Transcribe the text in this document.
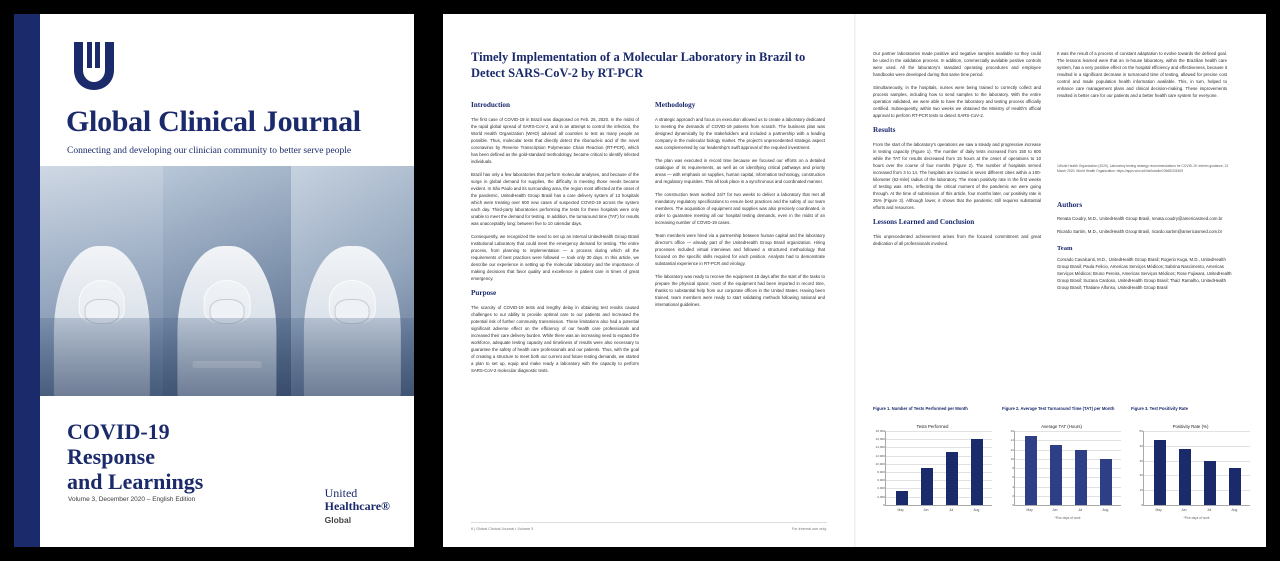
Global Clinical Journal
Connecting and developing our clinician community to better serve people
COVID-19
Response
and Learnings
Volume 3, December 2020 – English Edition	United
Healthcare®
Global
Timely Implementation of a Molecular Laboratory in Brazil to Detect SARS-CoV-2 by RT-PCR
Introduction

The first case of COVID-19 in Brazil was diagnosed on Feb. 25, 2020. In the midst of the rapid global spread of SARS-CoV-2, and in an attempt to control the infection, the World Health Organization (WHO) advised all countries to test as many people as possible. Thus, molecular tests that directly detect the ribonucleic acid of the novel coronavirus by Reverse Transcription Polymerase Chain Reaction (RT-PCR), which has been defined as the gold-standard methodology, became critical to identify infected individuals.

Brazil has only a few laboratories that perform molecular analyses, and because of the surge in global demand for supplies, the difficulty in meeting those needs became evident. In São Paulo and its surrounding area, the region most affected at the onset of the pandemic, UnitedHealth Group Brasil has a care delivery system of 13 hospitals which were treating over 600 new cases of suspected COVID-19 across the system each day. Third-party laboratories performing the tests for these hospitals were only unable to meet the demand for testing. In addition, the turnaround time (TAT) for results was unacceptably long: between five to 10 calendar days.

Consequently, we recognized the need to set up an internal UnitedHealth Group Brasil Institutional Laboratory that could meet the emergency demand for testing. The entire process, from planning to implementation — a process during which all the requirements of best practices were followed — took only 30 days. In this article, we describe our experience in setting up the molecular laboratory and the importance of making decisions that favor quality and excellence in patient care in times of great emergency.

Purpose

The scarcity of COVID-19 tests and lengthy delay in obtaining test results caused challenges to our ability to provide optimal care to our patients and increased the potential risk of further community transmission. These limitations also had a potential significant adverse effect on the efficiency of our health care professionals and increased their care delivery burden. While there was an increasing need to expand the workforce, adequate testing capacity and timeliness of results were also necessary to guarantee the safety of health care professionals and our patients. Thus, with the goal of creating a structure to meet both our current and future testing demands, we started a plan to set up, equip and make ready a laboratory with the capacity to perform SARS-CoV-2 molecular diagnostic tests.

Methodology

A strategic approach and focus on execution allowed us to create a laboratory dedicated to meeting the demands of COVID-19 patients from scratch. The business plan was designed dynamically by the stakeholders and included a partnership with a leading company in the molecular biology market. The project's unprecedented strategic aspect was complemented by our leadership's swift approval of the required investment.

The plan was executed in record time because we focused our efforts on a detailed catalogue of its requirements, as well as on identifying critical pathways and priority areas — with emphasis on supplies, human capital, information technology, construction and regulatory requisites. This all took place in a synchronous and coordinated manner.

The construction team worked 24/7 for two weeks to deliver a laboratory that met all mandatory regulatory specifications to ensure best practices and the safety of our team members. The acquisition of equipment and supplies was also precisely coordinated, in order to guarantee meeting all our hospital testing demands, even in the midst of an increasing number of COVID-19 cases.

Team members were hired via a partnership between human capital and the laboratory director's office — already part of the UnitedHealth Group Brasil organization. Hiring processes included virtual interviews and followed a structured methodology that focused on the specific skills required for each position. Analysts had to demonstrate substantial experience in RT-PCR and virology.

The laboratory was ready to receive the equipment 15 days after the start of the tasks to prepare the physical space; most of the equipment had been imported in record time, thanks to substantial help from our corporate offices in the United States. Having been trained, team members were ready to start validating methods following national and international guidelines.

6 | Global Clinical Journal • Volume 3	For internal use only.

Our partner laboratories made positive and negative samples available so they could be used in the validation process. In addition, commercially available positive controls were used. All the laboratory's standard operating procedures and employee handbooks were developed during that same time period.

Simultaneously, in the hospitals, nurses were being trained to correctly collect and process samples, including how to send samples to the laboratory. With the entire operation validated, we were able to have the laboratory and testing process officially certified. Subsequently, within two weeks we obtained the Ministry of Health's official approval to perform RT-PCR tests to detect SARS-CoV-2.

Results

From the start of the laboratory's operations we saw a steady and progressive increase in testing capacity (Figure 1). The number of daily tests increased from 150 to 600 while the TAT for results decreased from 15 hours at the onset of operations to 10 hours over the course of four months (Figure 2). The number of hospitals served increased from 3 to 14. The hospitals are located in seven different cities within a 100-kilometer (62-mile) radius of the laboratory. The mean positivity rate in the first weeks of testing was 44%, reflecting the critical moment of the pandemic we were going through. At the time of submission of this article, four months later, our positivity rate is 25% (Figure 3). Although lower, it shows that the pandemic still requires substantial efforts and resources.

Lessons Learned and Conclusion

This unprecedented achievement arises from the focused commitment and great dedication of all professionals involved.

It was the result of a process of constant adaptation to evolve towards the defined goal. The lessons learned were that an in-house laboratory, within the Brazilian health care system, has a very positive effect on the hospital efficiency and effectiveness, because it resulted in a significant decrease in turnaround time of testing, allowed for precise cost control and made population health information available. This, in turn, helped to enhance care management plans and clinical decision-making. These improvements resulted in better care for our patients and a better health care system for everyone.

1World Health Organization (2020). Laboratory testing strategy recommendations for COVID-19: interim guidance, 21 March 2020. World Health Organization. https://apps.who.int/iris/handle/10665/331509
Authors

Renata Coudry, M.D., UnitedHealth Group Brasil, renata.coudry@americasmed.com.br

Ricardo Sartim, M.D., UnitedHealth Group Brasil, ricardo.sartim@americasmed.com.br

Team

Conrado Cavalcanti, M.D., UnitedHealth Group Brasil; Rogerio Kuga, M.D., UnitedHealth Group Brasil; Paula Felicio, Americas Serviços Médicos; Sabrina Nascimento, Americas Serviços Médicos; Bruno Pereira, Americas Serviços Médicos; Rose Fujiwara, UnitedHealth Group Brasil; Suzana Cardoso, UnitedHealth Group Brasil; Thaiz Ramalho, UnitedHealth Group Brasil; Thatiane Alfonso, UnitedHealth Group Brasil

Figure 1. Number of Tests Performed per Month
Tests Performed
18,000
16,000
14,000
12,000
10,000
8,000
6,000
4,000
2,000
0
May	Jun	Jul	Aug
Figure 2. Average Test Turnaround Time (TAT) per Month
Average TAT (Hours)
16
14
12
10
8
6
4
2
0
May	Jun	Jul	Aug
*Five days of work
Figure 3. Test Positivity Rate
Positivity Rate (%)
50
40
30
20
10
0
May	Jun	Jul	Aug
*Five days of work
